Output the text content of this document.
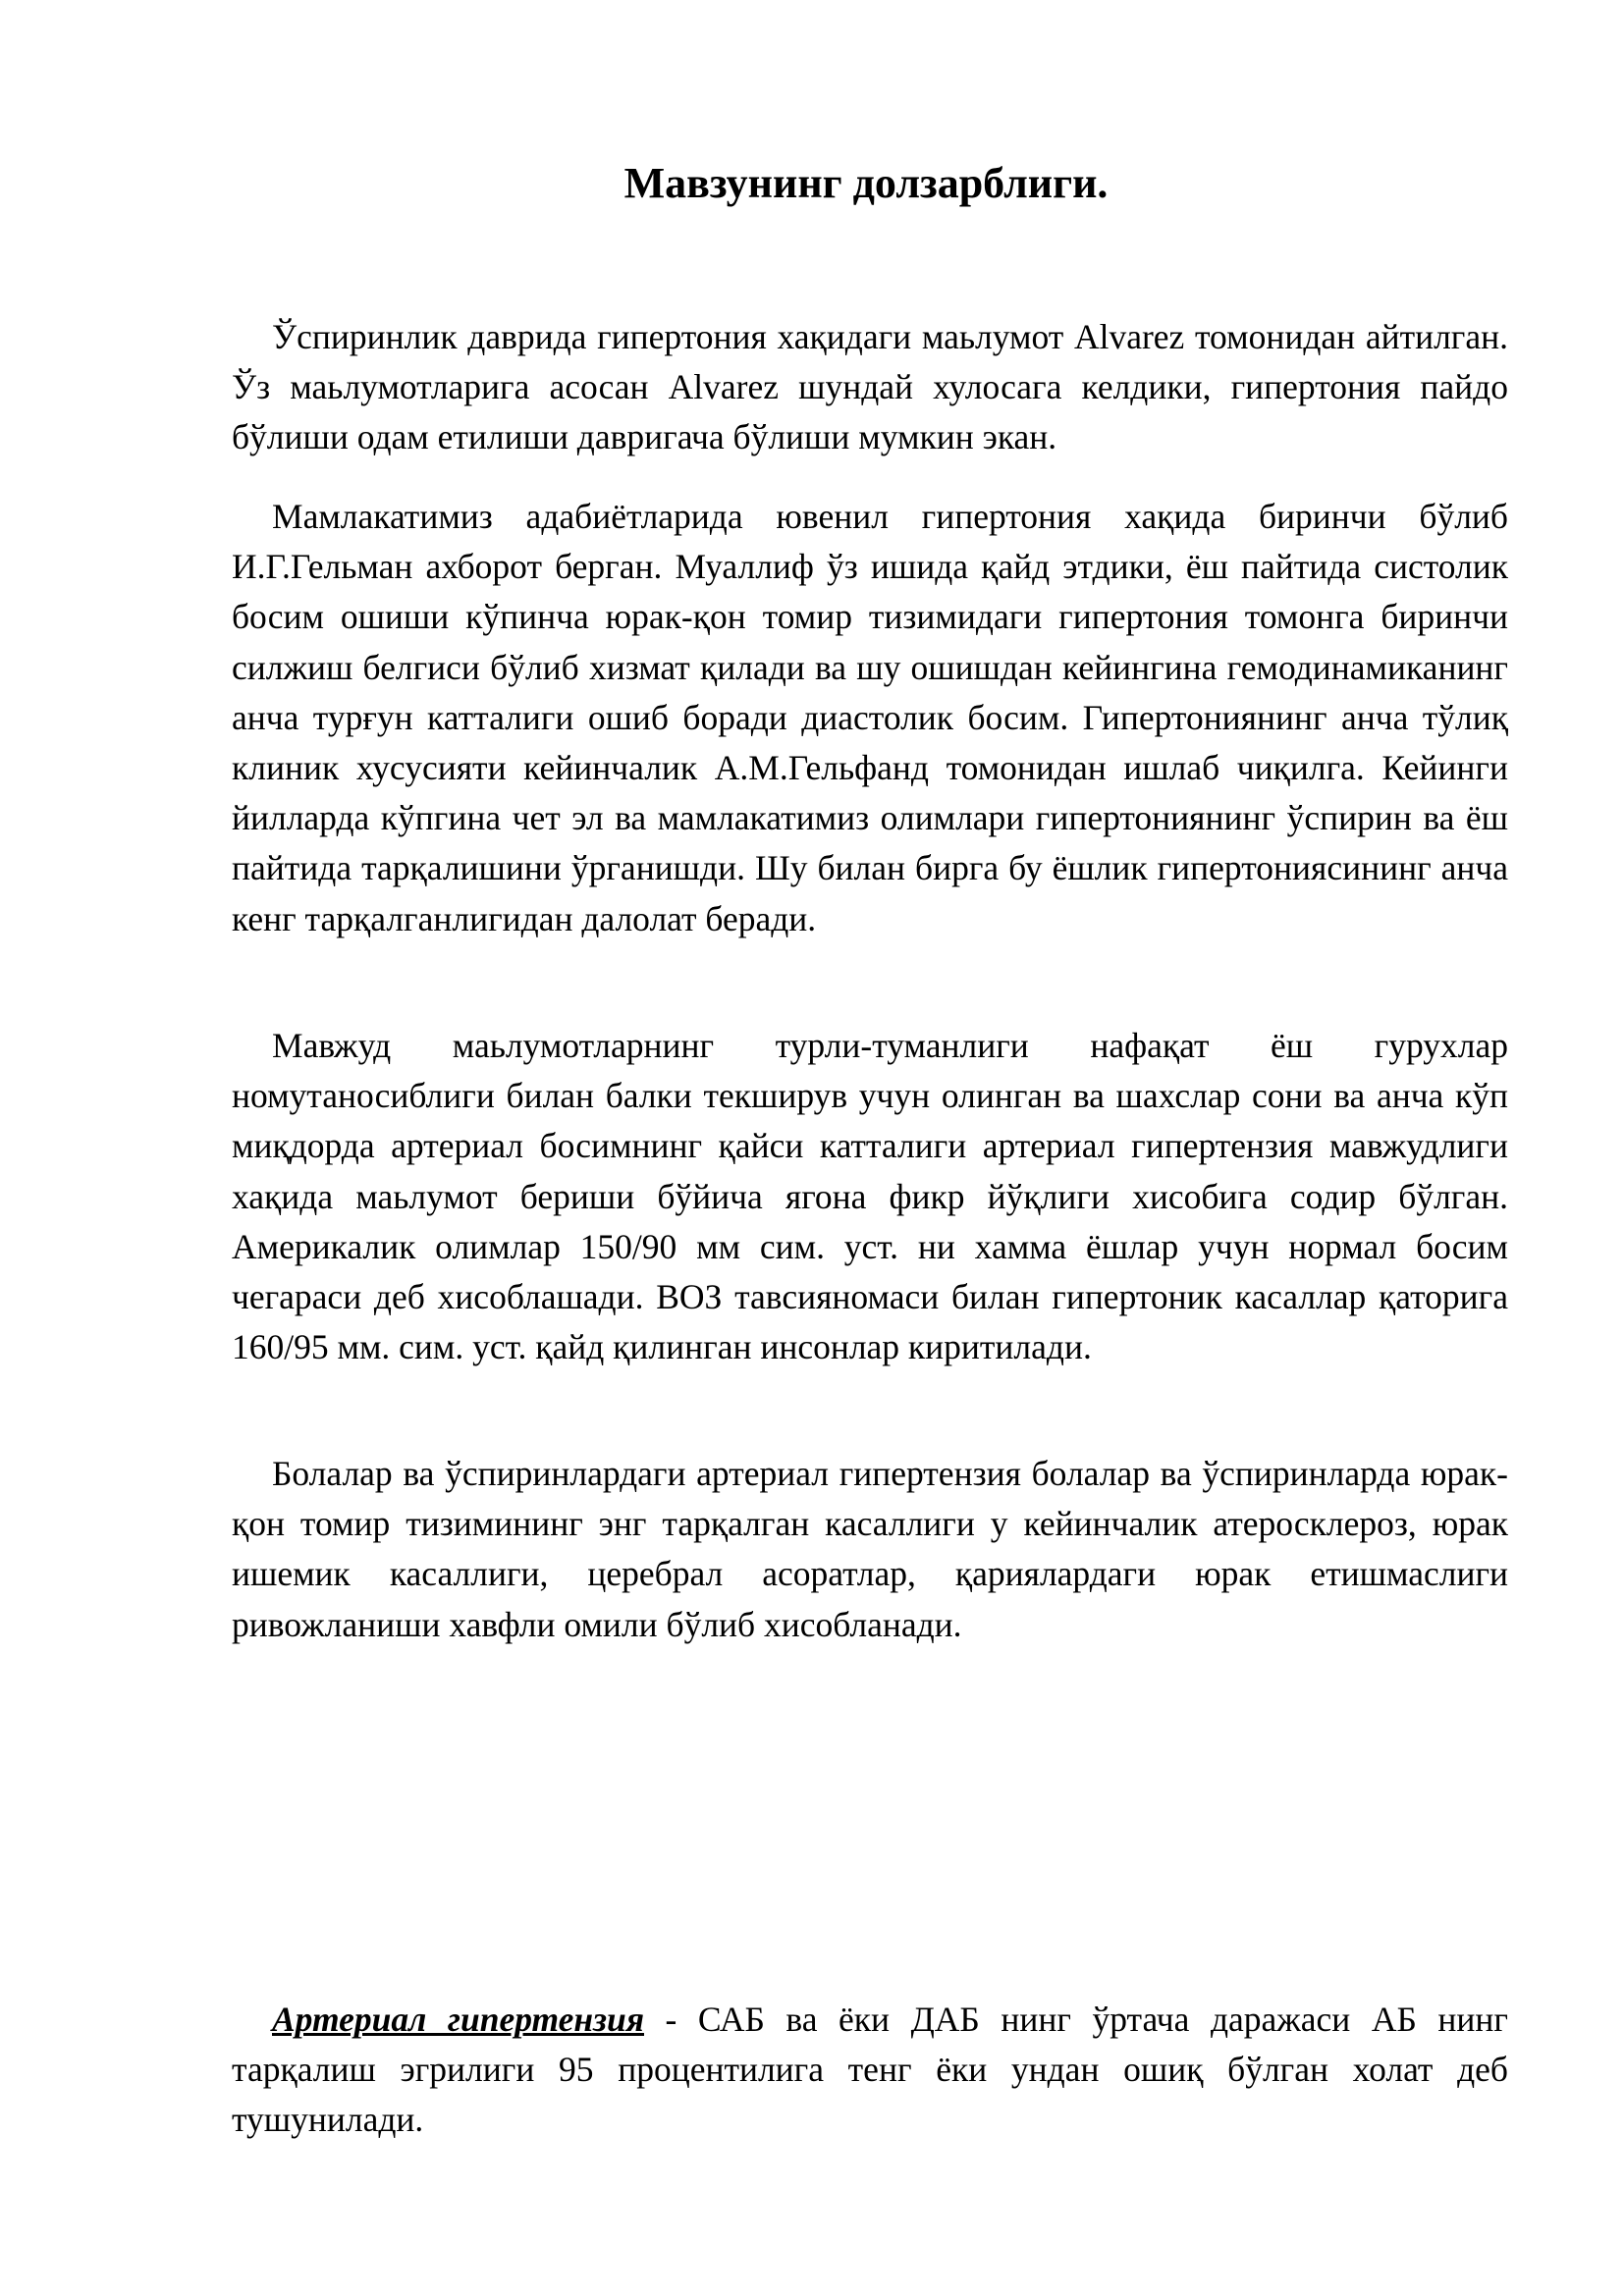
Мавзунинг долзарблиги.

Ўспиринлик даврида гипертония хақидаги маьлумот Alvarez томонидан айтилган. Ўз маьлумотларига асосан Alvarez шундай хулосага келдики, гипертония пайдо бўлиши одам етилиши давригача бўлиши мумкин экан.

Мамлакатимиз адабиётларида ювенил гипертония хақида биринчи бўлиб И.Г.Гельман ахборот берган. Муаллиф ўз ишида қайд этдики, ёш пайтида систолик босим ошиши кўпинча юрак-қон томир тизимидаги гипертония томонга биринчи силжиш белгиси бўлиб хизмат қилади ва шу ошишдан кейингина гемодинамиканинг анча турғун катталиги ошиб боради диастолик босим. Гипертониянинг анча тўлиқ клиник хусусияти кейинчалик А.М.Гельфанд томонидан ишлаб чиқилга. Кейинги йилларда кўпгина чет эл ва мамлакатимиз олимлари гипертониянинг ўспирин ва ёш пайтида тарқалишини ўрганишди. Шу билан бирга бу ёшлик гипертониясининг анча кенг тарқалганлигидан далолат беради.

Мавжуд маьлумотларнинг турли-туманлиги нафақат ёш гурухлар номутаносиблиги билан балки текширув учун олинган ва шахслар сони ва анча кўп миқдорда артериал босимнинг қайси катталиги артериал гипертензия мавжудлиги хақида маьлумот бериши бўйича ягона фикр йўқлиги хисобига содир бўлган. Америкалик олимлар 150/90 мм сим. уст. ни хамма ёшлар учун нормал босим чегараси деб хисоблашади. ВОЗ тавсияномаси билан гипертоник касаллар қаторига 160/95 мм. сим. уст. қайд қилинган инсонлар киритилади.

Болалар ва ўспиринлардаги артериал гипертензия болалар ва ўспиринларда юрак-қон томир тизимининг энг тарқалган касаллиги у кейинчалик атеросклероз, юрак ишемик касаллиги, церебрал асоратлар, қариялардаги юрак етишмаслиги ривожланиши хавфли омили бўлиб хисобланади.

Артериал гипертензия - САБ ва ёки ДАБ нинг ўртача даражаси АБ нинг тарқалиш эгрилиги 95 процентилига тенг ёки ундан ошиқ бўлган холат деб тушунилади.
